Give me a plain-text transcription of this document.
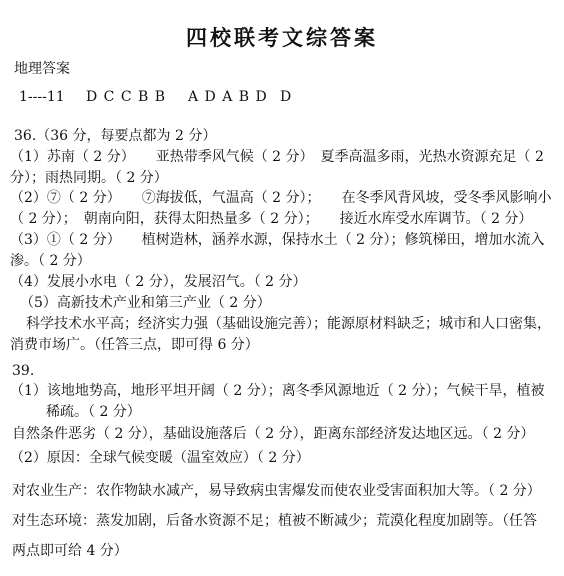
四校联考文综答案
地理答案
1----11 D C C B B A D A B D D
36.（36 分，每要点都为 2 分）
（1）苏南（ 2 分）　　亚热带季风气候（ 2 分）　夏季高温多雨，光热水资源充足（ 2
分）；雨热同期。（ 2 分）
（2）⑦（ 2 分）　　⑦海拔低，气温高（ 2 分）；　　在冬季风背风坡，受冬季风影响小
（ 2 分）；　朝南向阳，获得太阳热量多（ 2 分）；　　接近水库受水库调节。（ 2 分）
（3）①（ 2 分）　　植树造林，涵养水源，保持水土（ 2 分）；修筑梯田，增加水流入
渗。（ 2 分）
（4）发展小水电（ 2 分），发展沼气。（ 2 分）
（5）高新技术产业和第三产业（ 2 分）
科学技术水平高；经济实力强（基础设施完善）；能源原材料缺乏；城市和人口密集，
消费市场广。（任答三点，即可得 6 分）
39.
（1）该地地势高，地形平坦开阔（ 2 分）；离冬季风源地近（ 2 分）；气候干旱，植被
稀疏。（ 2 分）
自然条件恶劣（ 2 分），基础设施落后（ 2 分），距离东部经济发达地区远。（ 2 分）
（2）原因：全球气候变暖（温室效应）（ 2 分）
对农业生产：农作物缺水减产，易导致病虫害爆发而使农业受害面积加大等。（ 2 分）
对生态环境：蒸发加剧，后备水资源不足；植被不断减少；荒漠化程度加剧等。（任答
两点即可给 4 分）
